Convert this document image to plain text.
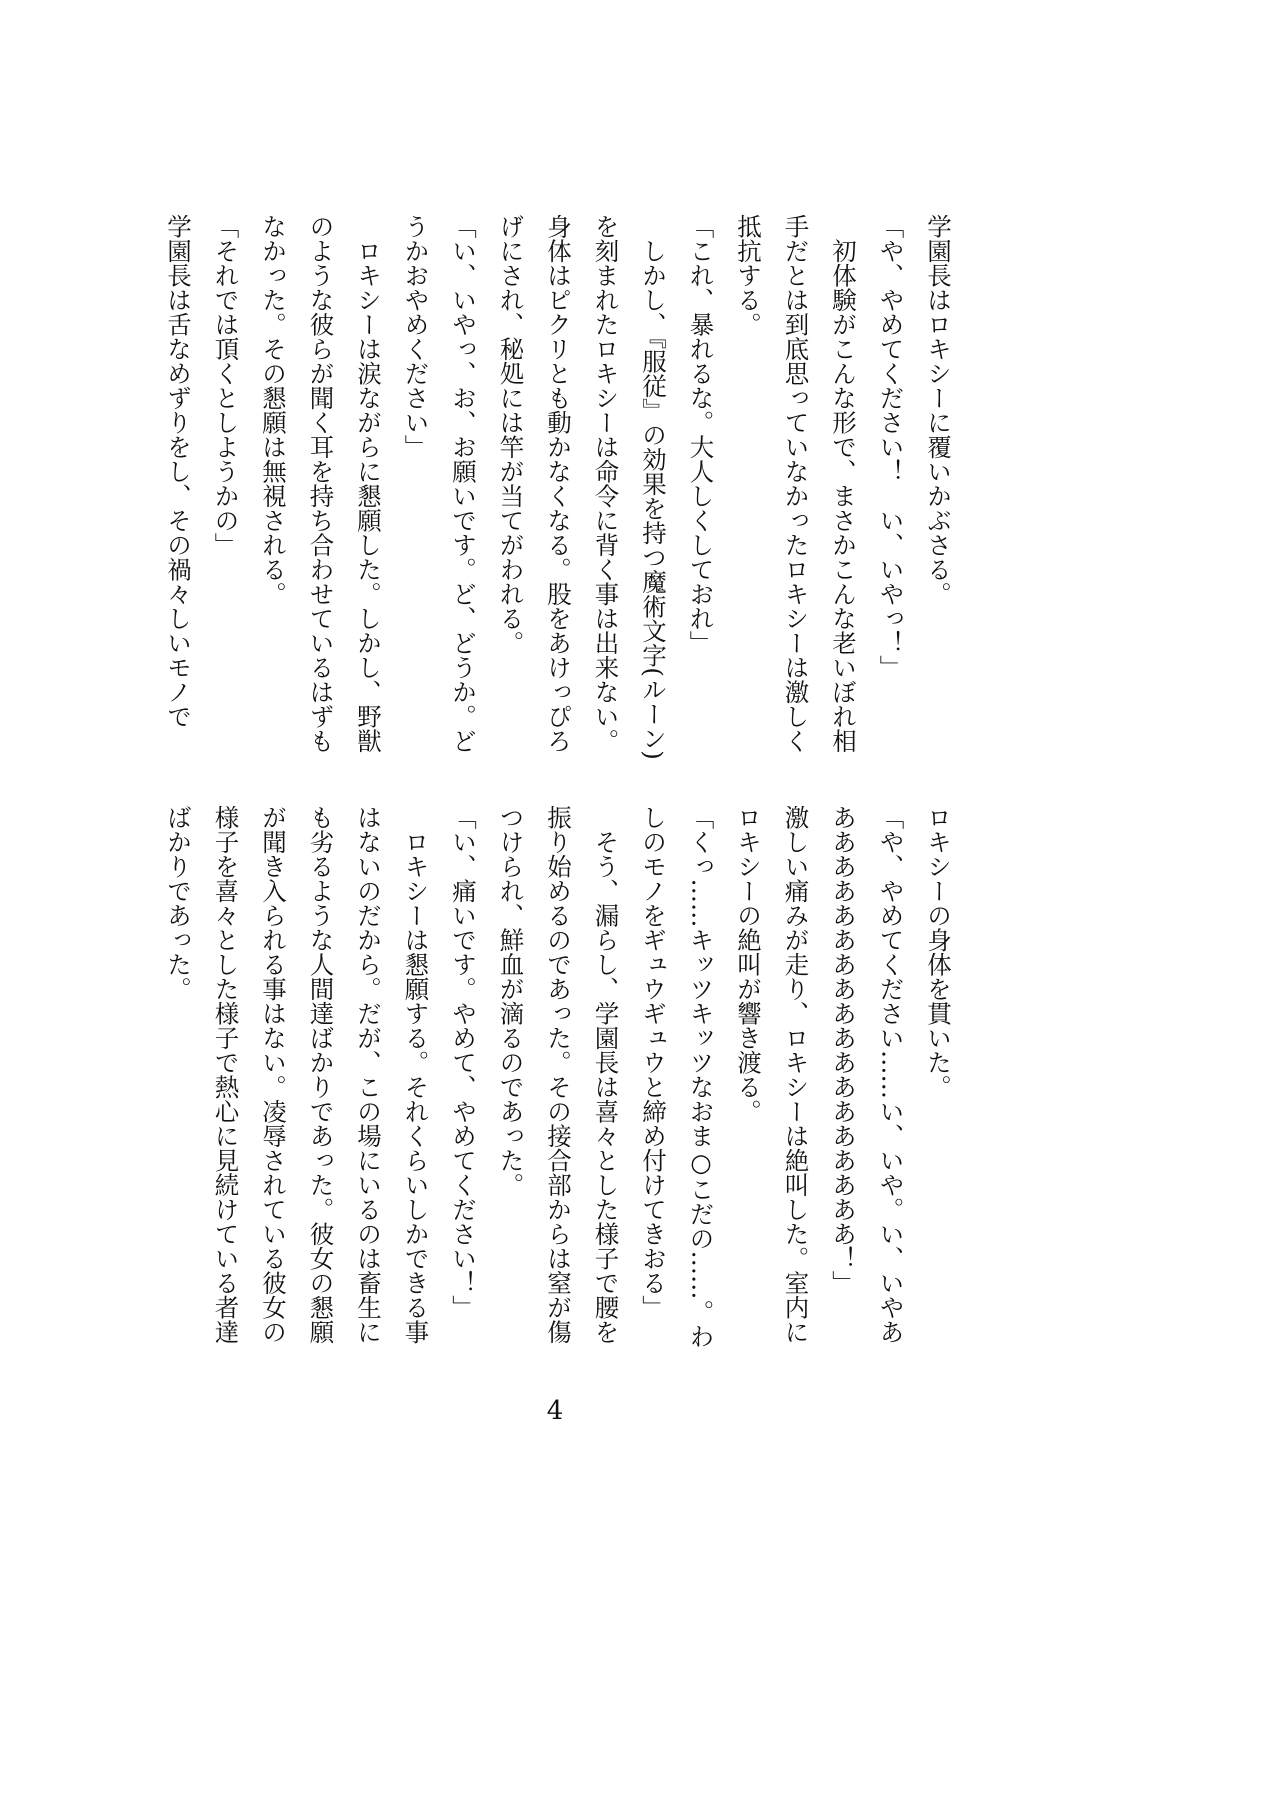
学園長はロキシーに覆いかぶさる。

「や、やめてください！　い、いやっ！」

　初体験がこんな形で、まさかこんな老いぼれ相

手だとは到底思っていなかったロキシーは激しく

抵抗する。

「これ、暴れるな。大人しくしておれ」

　しかし、『服従』の効果を持つ魔術文字(ルーン)

を刻まれたロキシーは命令に背く事は出来ない。

身体はピクリとも動かなくなる。股をあけっぴろ

げにされ、秘処には竿が当てがわれる。

「い、いやっ、お、お願いです。ど、どうか。ど

うかおやめください」

　ロキシーは涙ながらに懇願した。しかし、野獣

のような彼らが聞く耳を持ち合わせているはずも

なかった。その懇願は無視される。

「それでは頂くとしようかの」

学園長は舌なめずりをし、その禍々しいモノで

ロキシーの身体を貫いた。

「や、やめてください……い、いや。い、いやあ

ああああああああああああああああああ！」

激しい痛みが走り、ロキシーは絶叫した。室内に

ロキシーの絶叫が響き渡る。

「くっ……キッツキッツなおま○こだの……。わ

しのモノをギュウギュウと締め付けてきおる」

　そう、漏らし、学園長は喜々とした様子で腰を

振り始めるのであった。その接合部からは窒が傷

つけられ、鮮血が滴るのであった。

「い、痛いです。やめて、やめてください！」

　ロキシーは懇願する。それくらいしかできる事

はないのだから。だが、この場にいるのは畜生に

も劣るような人間達ばかりであった。彼女の懇願

が聞き入られる事はない。凌辱されている彼女の

様子を喜々とした様子で熱心に見続けている者達

ばかりであった。

4
